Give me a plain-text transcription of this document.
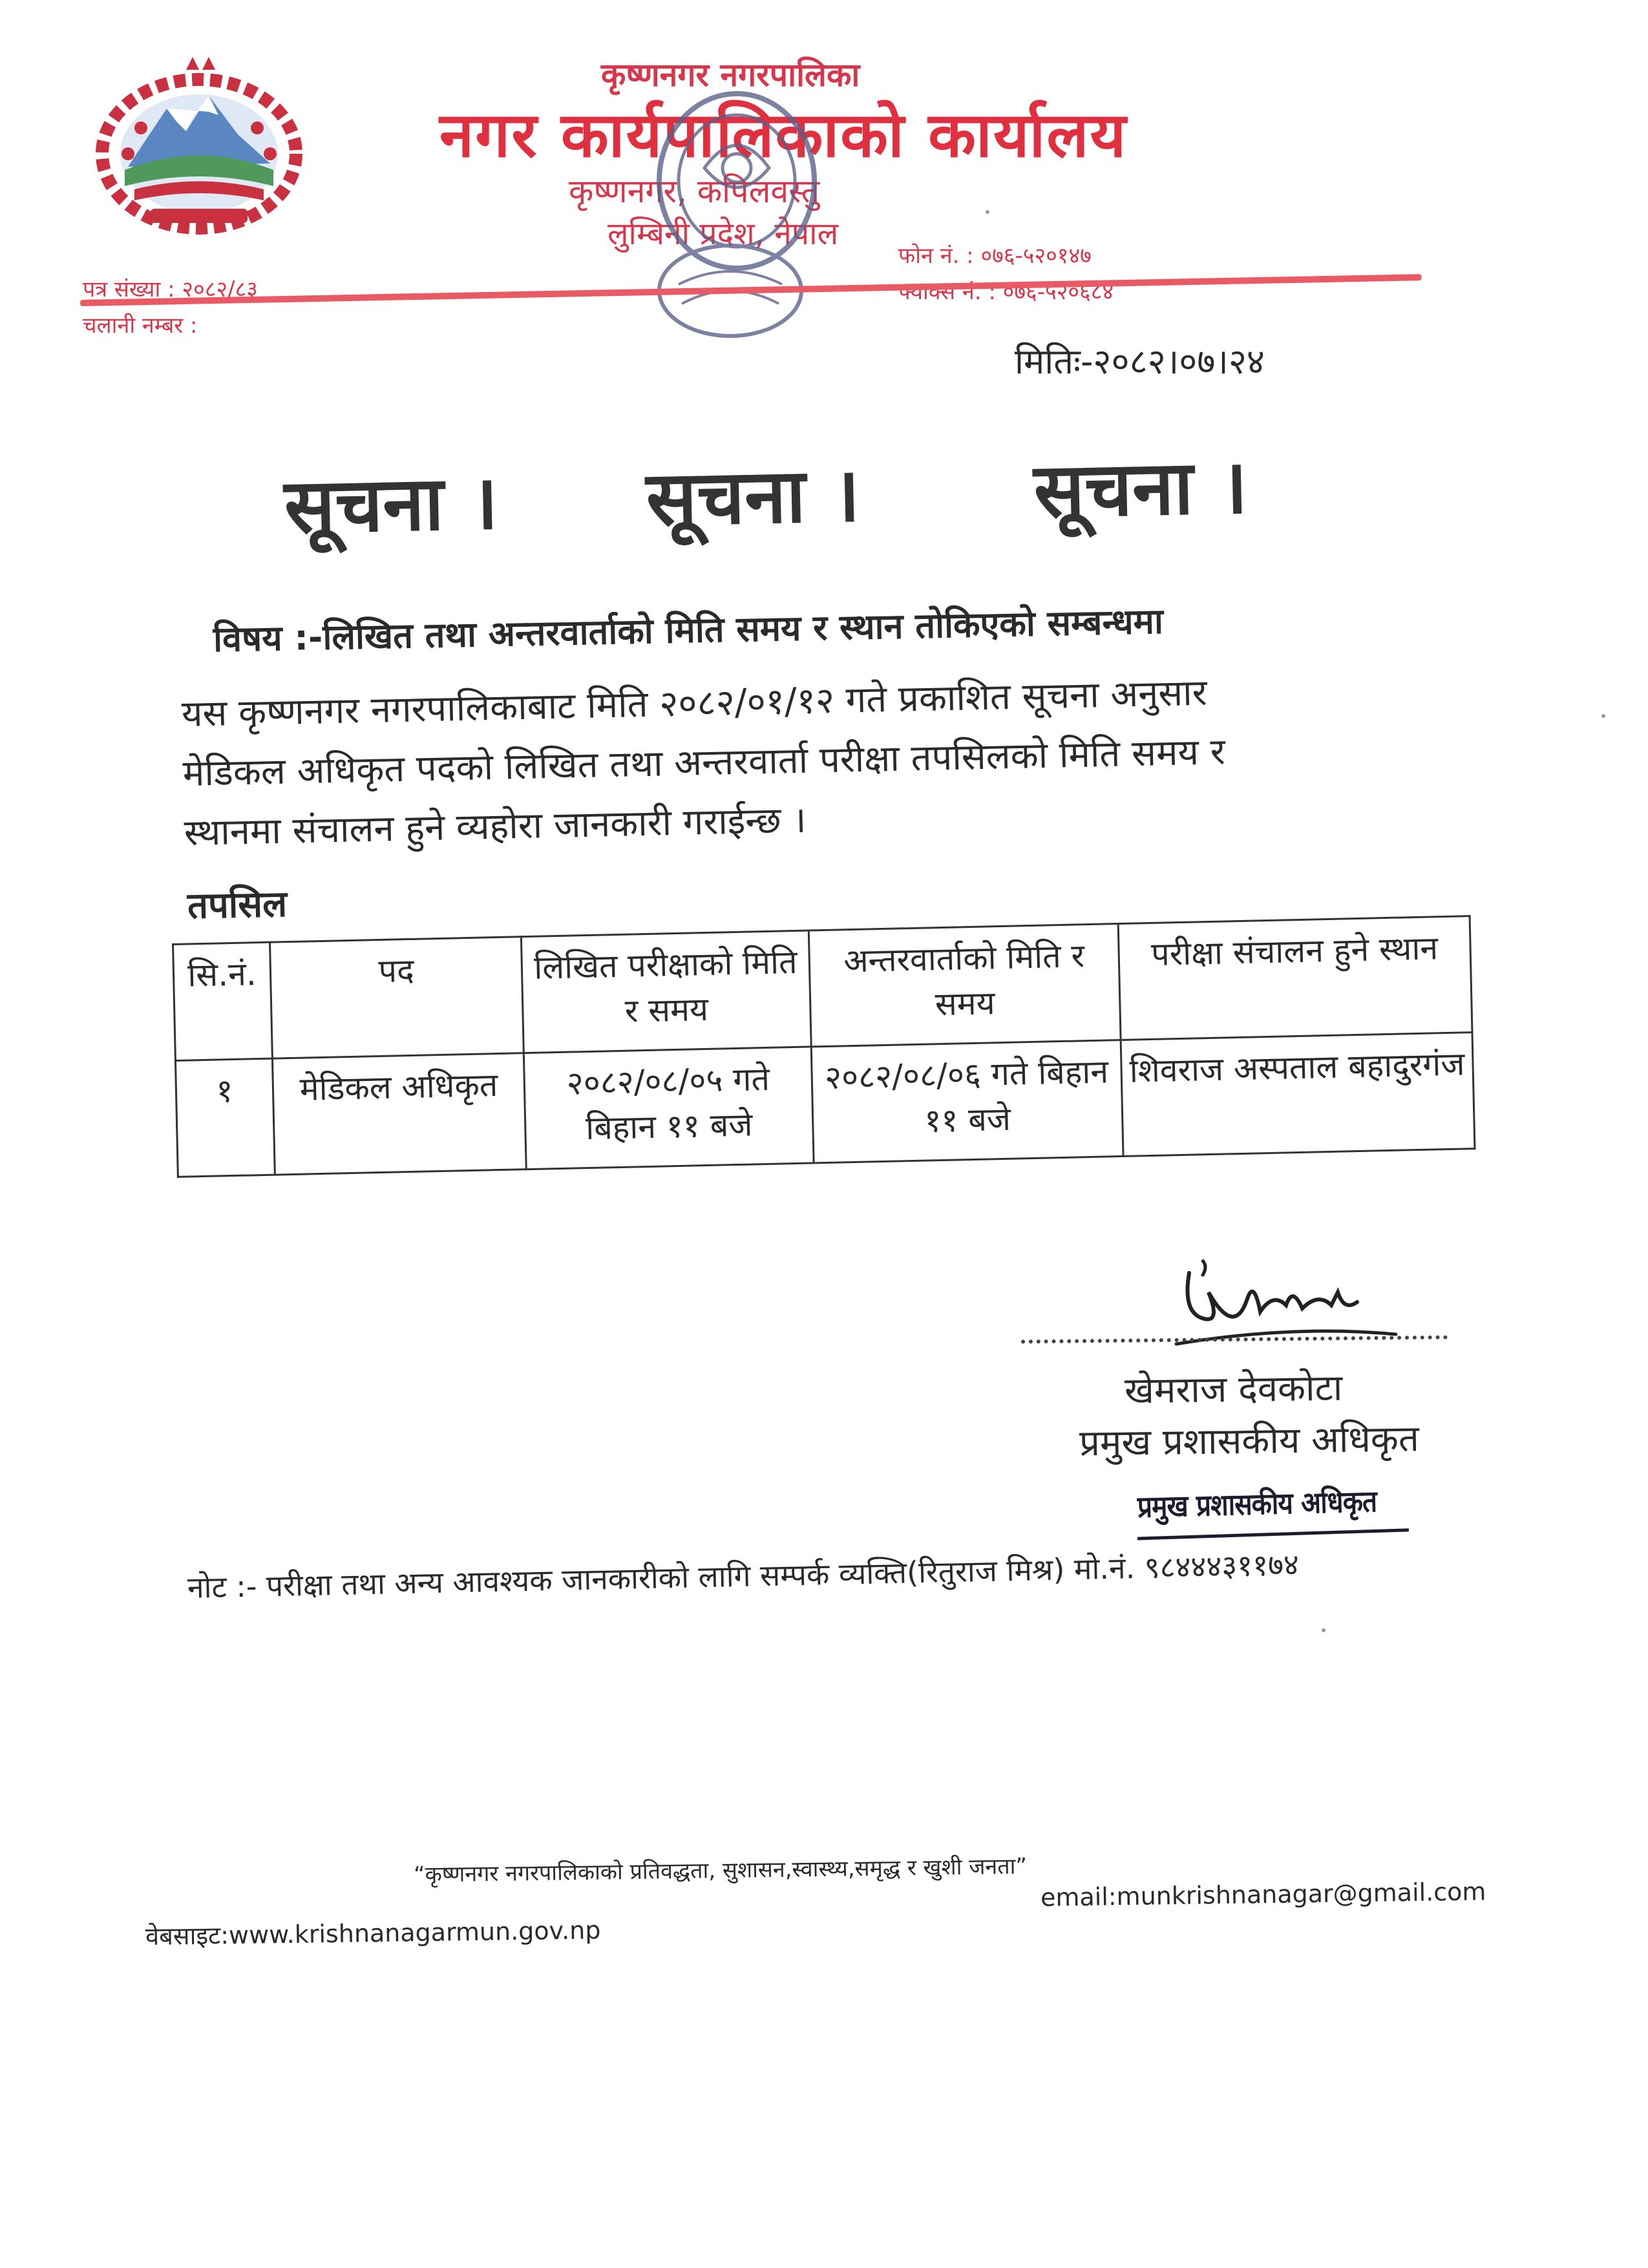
कृष्णनगर नगरपालिका
नगर कार्यपालिकाको कार्यालय
कृष्णनगर, कपिलवस्तु
लुम्बिनी प्रदेश, नेपाल
पत्र संख्या : २०८२/८३
चलानी नम्बर :
फोन नं. : ०७६-५२०१४७
फ्याक्स नं. : ०७६-५२०६८४
मितिः-२०८२।०७।२४
सूचना । सूचना । सूचना ।
विषय :-लिखित तथा अन्तरवार्ताको मिति समय र स्थान तोकिएको सम्बन्धमा
यस कृष्णनगर नगरपालिकाबाट मिति २०८२/०१/१२ गते प्रकाशित सूचना अनुसार
मेडिकल अधिकृत पदको लिखित तथा अन्तरवार्ता परीक्षा तपसिलको मिति समय र
स्थानमा संचालन हुने व्यहोरा जानकारी गराईन्छ ।
तपसिल
सि.नं.	पद	लिखित परीक्षाको मिति र समय	अन्तरवार्ताको मिति र समय	परीक्षा संचालन हुने स्थान
१	मेडिकल अधिकृत	२०८२/०८/०५ गते बिहान ११ बजे	२०८२/०८/०६ गते बिहान ११ बजे	शिवराज अस्पताल बहादुरगंज
खेमराज देवकोटा
प्रमुख प्रशासकीय अधिकृत
प्रमुख प्रशासकीय अधिकृत
नोट :- परीक्षा तथा अन्य आवश्यक जानकारीको लागि सम्पर्क व्यक्ति(रितुराज मिश्र) मो.नं. ९८४४४३११७४
“कृष्णनगर नगरपालिकाको प्रतिवद्धता, सुशासन,स्वास्थ्य,समृद्ध र खुशी जनता”
email:munkrishnanagar@gmail.com
वेबसाइट:www.krishnanagarmun.gov.np
